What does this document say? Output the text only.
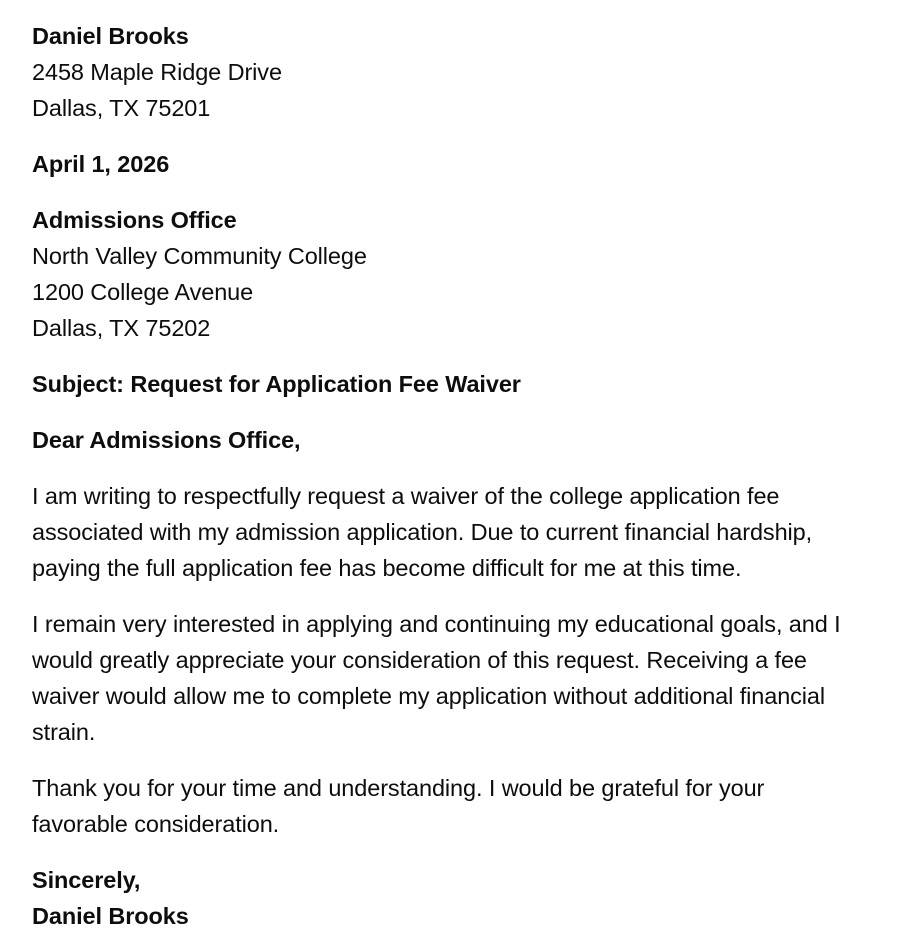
Daniel Brooks
2458 Maple Ridge Drive
Dallas, TX 75201
April 1, 2026
Admissions Office
North Valley Community College
1200 College Avenue
Dallas, TX 75202
Subject: Request for Application Fee Waiver
Dear Admissions Office,

I am writing to respectfully request a waiver of the college application fee associated with my admission application. Due to current financial hardship, paying the full application fee has become difficult for me at this time.

I remain very interested in applying and continuing my educational goals, and I would greatly appreciate your consideration of this request. Receiving a fee waiver would allow me to complete my application without additional financial strain.

Thank you for your time and understanding. I would be grateful for your favorable consideration.

Sincerely,
Daniel Brooks
